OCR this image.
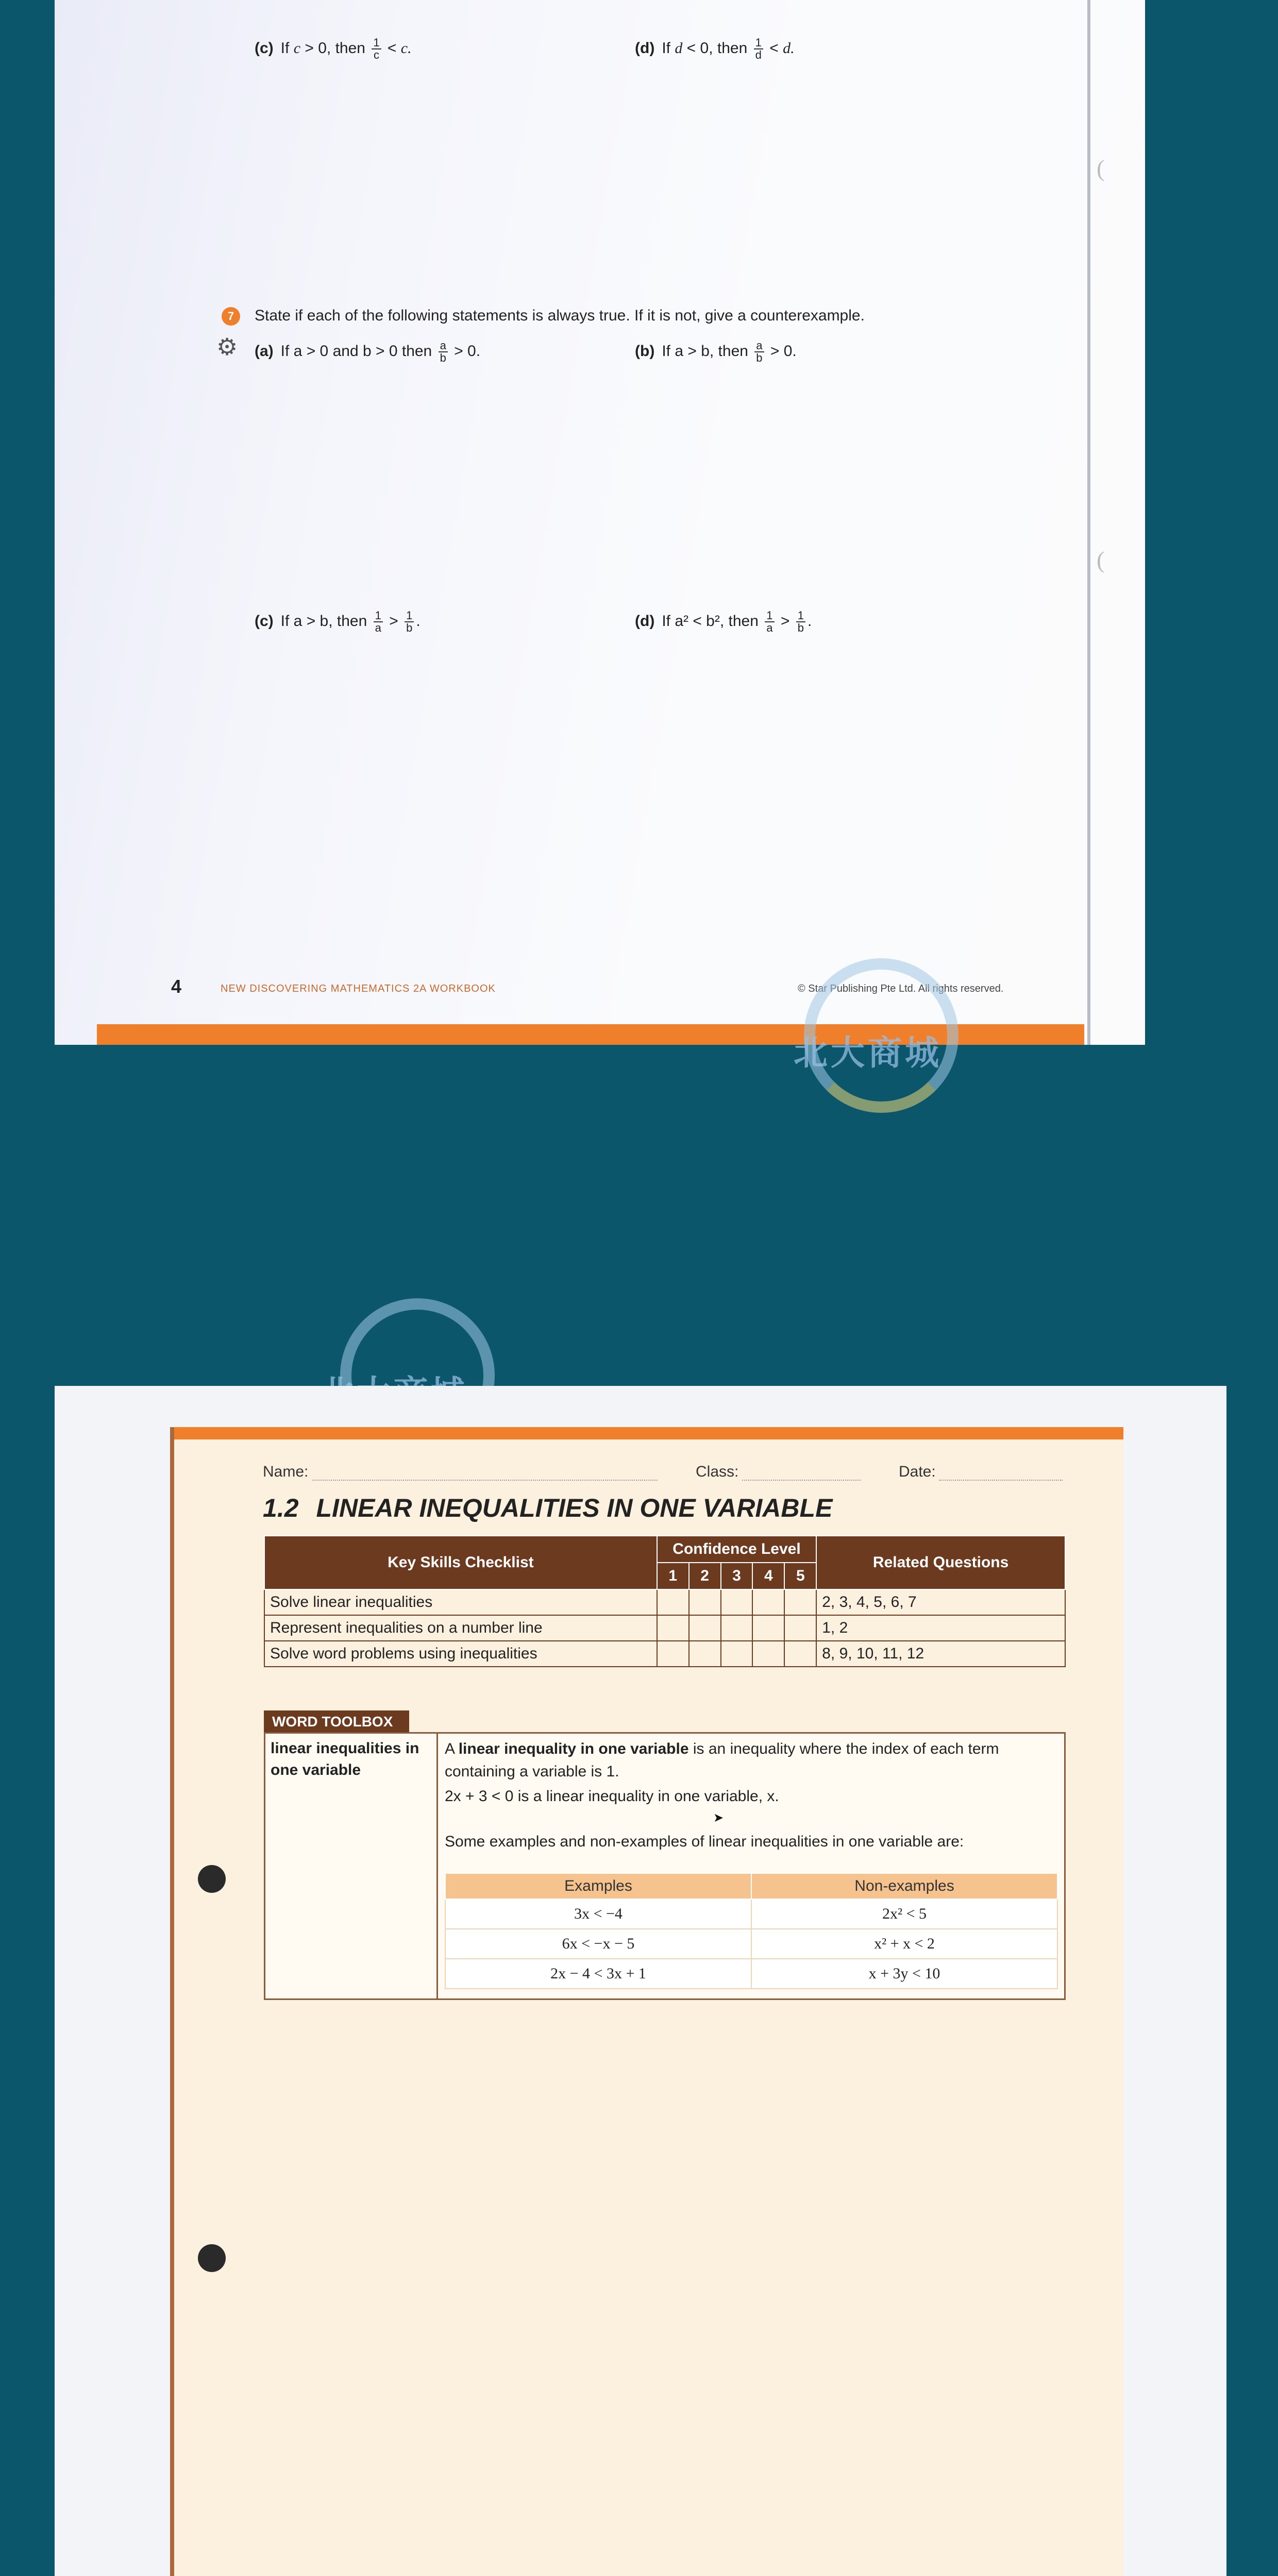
(c) If c > 0, then $\frac{1}{c} < c$.	(d) If d < 0, then $\frac{1}{d} < d$.
(
7	State if each of the following statements is always true. If it is not, give a counterexample.
⚙ (a) If a > 0 and b > 0 then $\frac{a}{b} > 0$.	(b) If a > b, then $\frac{a}{b} > 0$.
(
(c) If a > b, then $\frac{1}{a} > \frac{1}{b}$ .	(d) If a² < b², then $\frac{1}{a} > \frac{1}{b}$ .
4	NEW DISCOVERING MATHEMATICS 2A WORKBOOK	© Star Publishing Pte Ltd. All rights reserved.
北大商城
Name:	Class:	Date:
1.2 LINEAR INEQUALITIES IN ONE VARIABLE
Key Skills Checklist	Confidence Level					Related Questions
	1	2	3	4	5	
Solve linear inequalities						2, 3, 4, 5, 6, 7
Represent inequalities on a number line						1, 2
Solve word problems using inequalities						8, 9, 10, 11, 12
WORD TOOLBOX
linear inequalities in one variable
A linear inequality in one variable is an inequality where the index of each term containing a variable is 1.
2x + 3 < 0 is a linear inequality in one variable, x.
Some examples and non-examples of linear inequalities in one variable are:
Examples	Non-examples
3x < −4	2x² < 5
6x < −x − 5	x² + x < 2
2x − 4 < 3x + 1	x + 3y < 10
➤
